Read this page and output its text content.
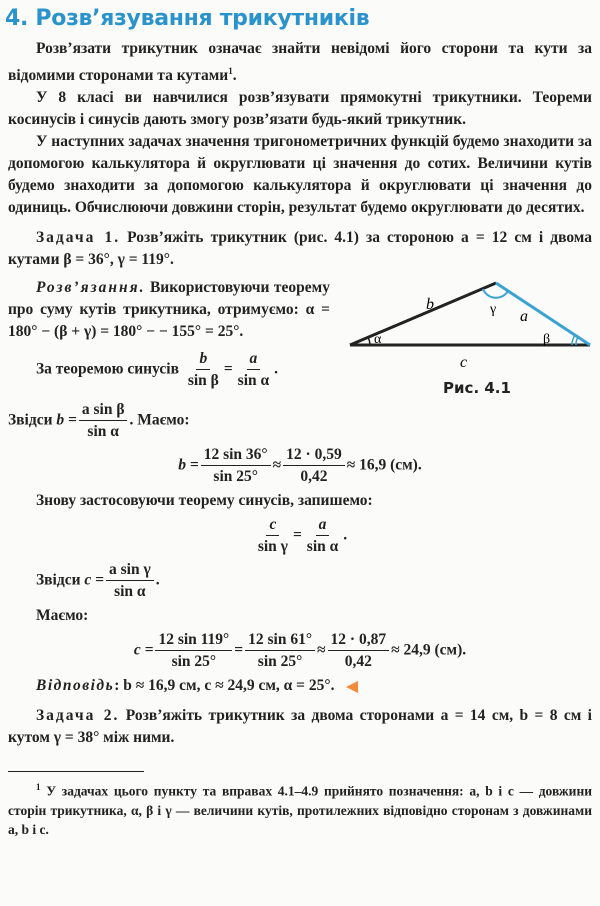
4. Розв’язування трикутників
Розв’язати трикутник означає знайти невідомі його сторони та кути за відомими сторонами та кутами$^1$.
У 8 класі ви навчилися розв’язувати прямокутні трикутники. Теореми косинусів і синусів дають змогу розв’язати будь-який трикутник.
У наступних задачах значення тригонометричних функцій будемо знаходити за допомогою калькулятора й округлювати ці значення до сотих. Величини кутів будемо знаходити за допомогою калькулятора й округлювати ці значення до одиниць. Обчислюючи довжини сторін, результат будемо округлювати до десятих.
Задача 1. Розв’яжіть трикутник (рис. 4.1) за стороною a = 12 см і двома кутами β = 36°, γ = 119°.
Розв’язання. Використовуючи теорему про суму кутів трикутника, отримуємо: α = 180° − (β + γ) = 180° − − 155° = 25°.
За теоремою синусів $\frac{b}{\text{sin β}} = \frac{a}{\text{sin α}}$ .
b	γ a
α	β
c
Рис. 4.1
Звідси $b = \frac{\text{a sin β}}{\text{sin α}}$ . Маємо:
$b = \frac{12 \sin 36^\circ}{\sin 25^\circ} \approx \frac{12 \cdot 0,59}{0,42} \approx 16,9$ (см).
Знову застосовуючи теорему синусів, запишемо:
$\frac{c}{\text{sin γ}} = \frac{a}{\text{sin α}}$ .
Звідси $c = \frac{\text{a sin γ}}{\text{sin α}}$ .
Маємо:
$c = \frac{12 \sin 119^\circ}{\sin 25^\circ} = \frac{12 \sin 61^\circ}{\sin 25^\circ} \approx \frac{12 \cdot 0,87}{0,42} \approx 24,9$ (см).
Відповідь: b ≈ 16,9 см, c ≈ 24,9 см, α = 25°.
Задача 2. Розв’яжіть трикутник за двома сторонами a = 14 см, b = 8 см і кутом γ = 38° між ними.
$^1$ У задачах цього пункту та вправах 4.1–4.9 прийнято позначення: a, b і c — довжини сторін трикутника, α, β і γ — величини кутів, протилежних відповідно сторонам з довжинами a, b і c.
